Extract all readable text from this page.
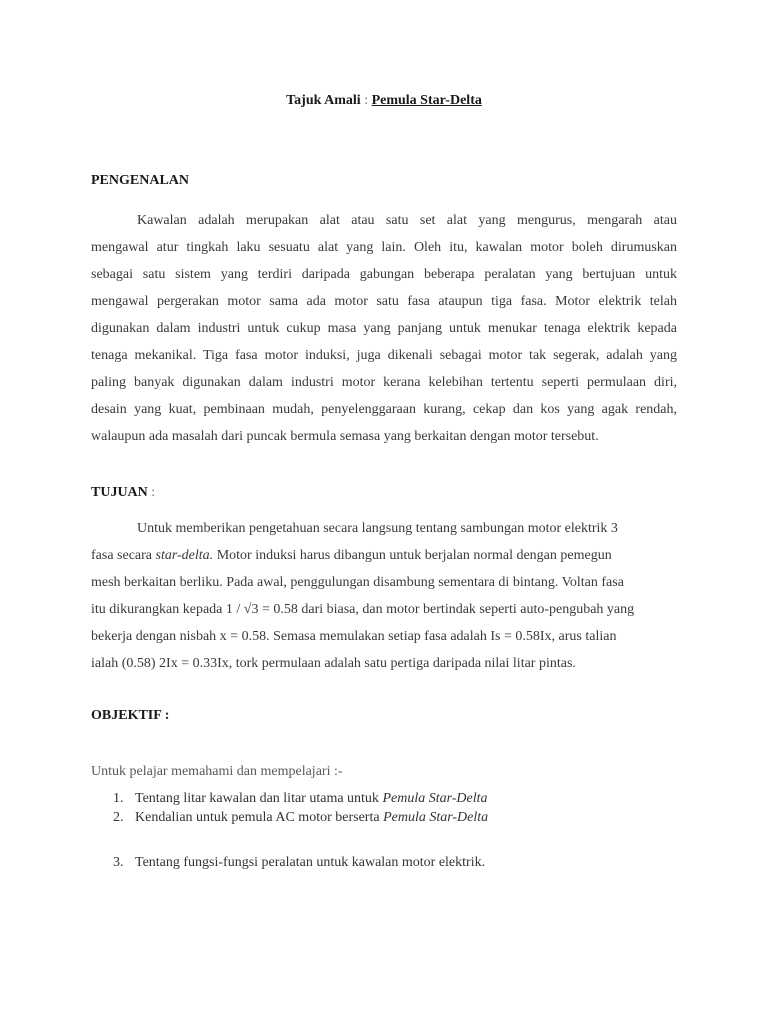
Tajuk Amali : Pemula Star-Delta
PENGENALAN
Kawalan adalah merupakan alat atau satu set alat yang mengurus, mengarah atau
mengawal atur tingkah laku sesuatu alat yang lain. Oleh itu, kawalan motor boleh dirumuskan
sebagai satu sistem yang terdiri daripada gabungan beberapa peralatan yang bertujuan untuk
mengawal pergerakan motor sama ada motor satu fasa ataupun tiga fasa. Motor elektrik telah
digunakan dalam industri untuk cukup masa yang panjang untuk menukar tenaga elektrik kepada
tenaga mekanikal. Tiga fasa motor induksi, juga dikenali sebagai motor tak segerak, adalah yang
paling banyak digunakan dalam industri motor kerana kelebihan tertentu seperti permulaan diri,
desain yang kuat, pembinaan mudah, penyelenggaraan kurang, cekap dan kos yang agak rendah,
walaupun ada masalah dari puncak bermula semasa yang berkaitan dengan motor tersebut.
TUJUAN :
Untuk memberikan pengetahuan secara langsung tentang sambungan motor elektrik 3
fasa secara star-delta. Motor induksi harus dibangun untuk berjalan normal dengan pemegun
mesh berkaitan berliku. Pada awal, penggulungan disambung sementara di bintang. Voltan fasa
itu dikurangkan kepada 1 / √3 = 0.58 dari biasa, dan motor bertindak seperti auto-pengubah yang
bekerja dengan nisbah x = 0.58. Semasa memulakan setiap fasa adalah Is = 0.58Ix, arus talian
ialah (0.58) 2Ix = 0.33Ix, tork permulaan adalah satu pertiga daripada nilai litar pintas.
OBJEKTIF :
Untuk pelajar memahami dan mempelajari :-
1. Tentang litar kawalan dan litar utama untuk Pemula Star-Delta
2. Kendalian untuk pemula AC motor berserta Pemula Star-Delta
3. Tentang fungsi-fungsi peralatan untuk kawalan motor elektrik.
